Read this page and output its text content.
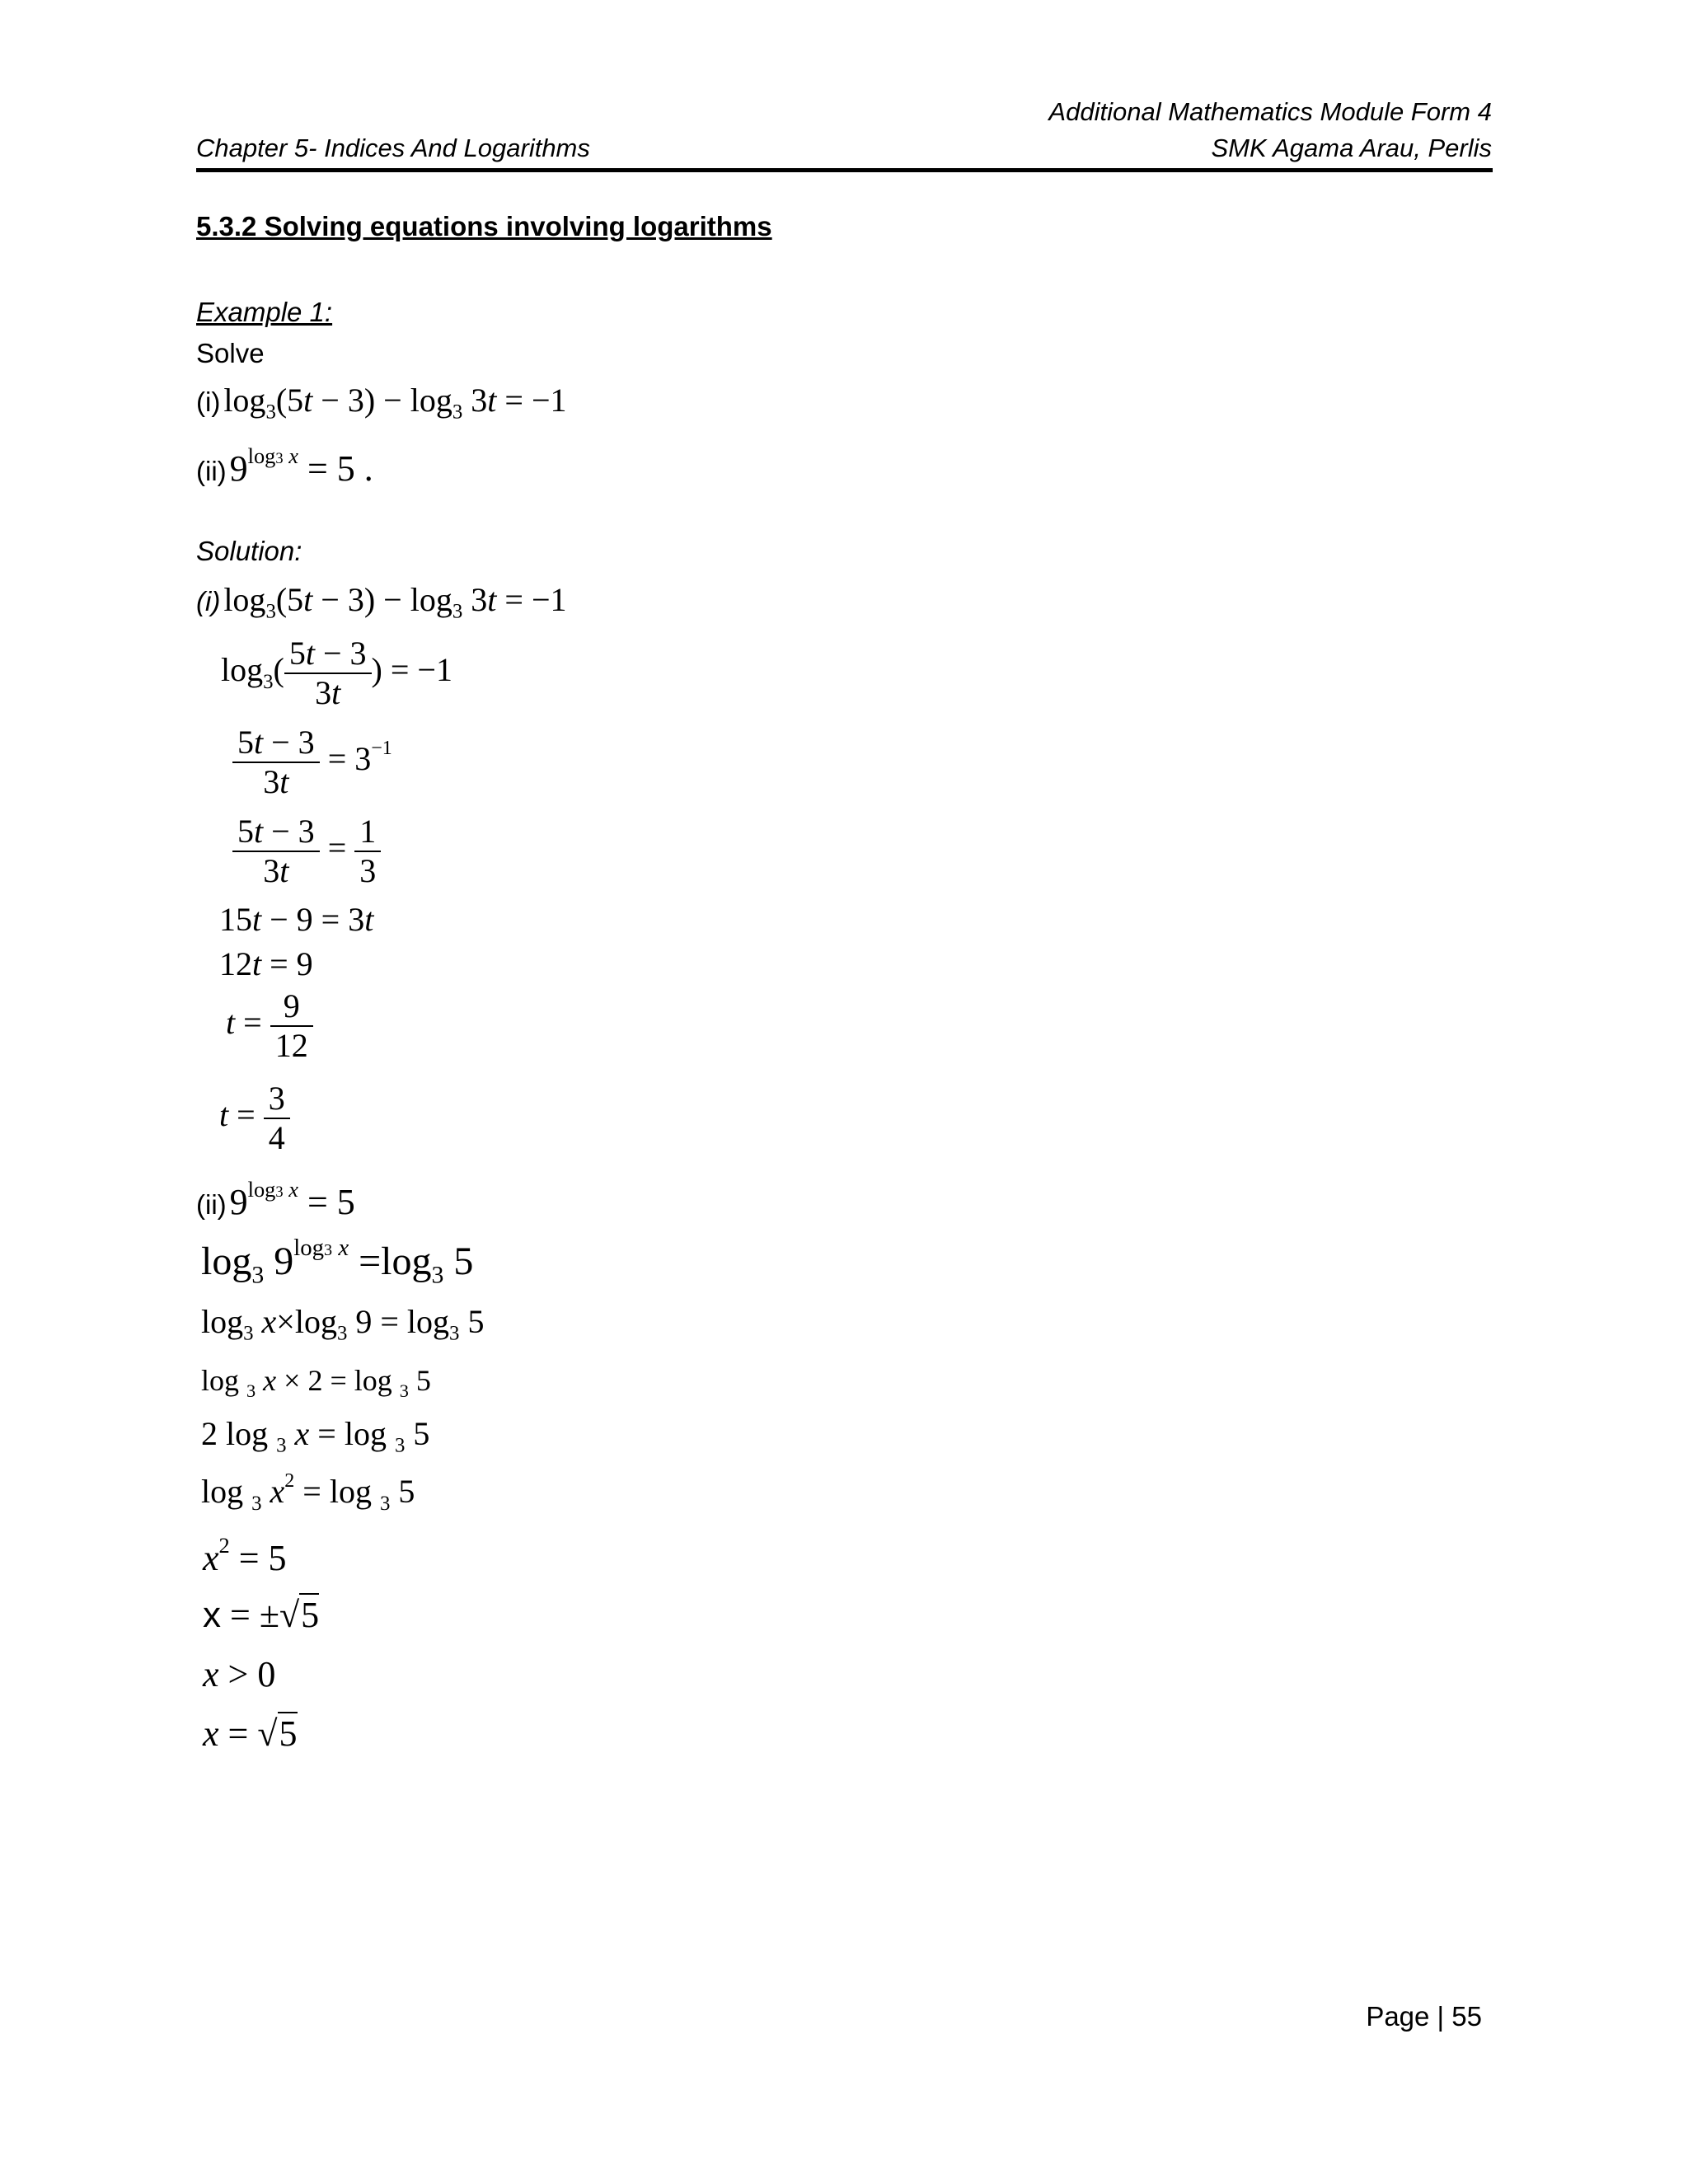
Additional Mathematics Module Form 4
Chapter 5- Indices And Logarithms	SMK Agama Arau, Perlis
5.3.2 Solving equations involving logarithms
Example 1:
Solve
(i) $\log_3(5t - 3) - \log_3 3t = -1$
(ii) $9^{log3 x} = 5$ .
Solution:
(i) $\log_3(5t - 3) - \log_3 3t = -1$
$\log_3( \frac{5t - 3}{3t}$ ) = −1
$\frac{5t - 3}{3t} = 3^{-1}$
$\frac{5t - 3}{3t} = \frac{1}{3}$
15t − 9 = 3t
12t = 9
$t = \frac{9}{12}$
$t = \frac{3}{4}$
(ii) $9^{log3 x} = 5$
$\log_3 9^{log3 x} =\log_3$ 5
$\log_3 x\times\log_3$ $9 = \log_3 5$
log $_3$ x × 2 = log $_3$ 5
2 log $_3$ x = log $_3$ 5
log $_3$ $x^2 = \log _3$ 5
$x^2 = 5$
x = ±√5
x > 0
x = √5
Page | 55
